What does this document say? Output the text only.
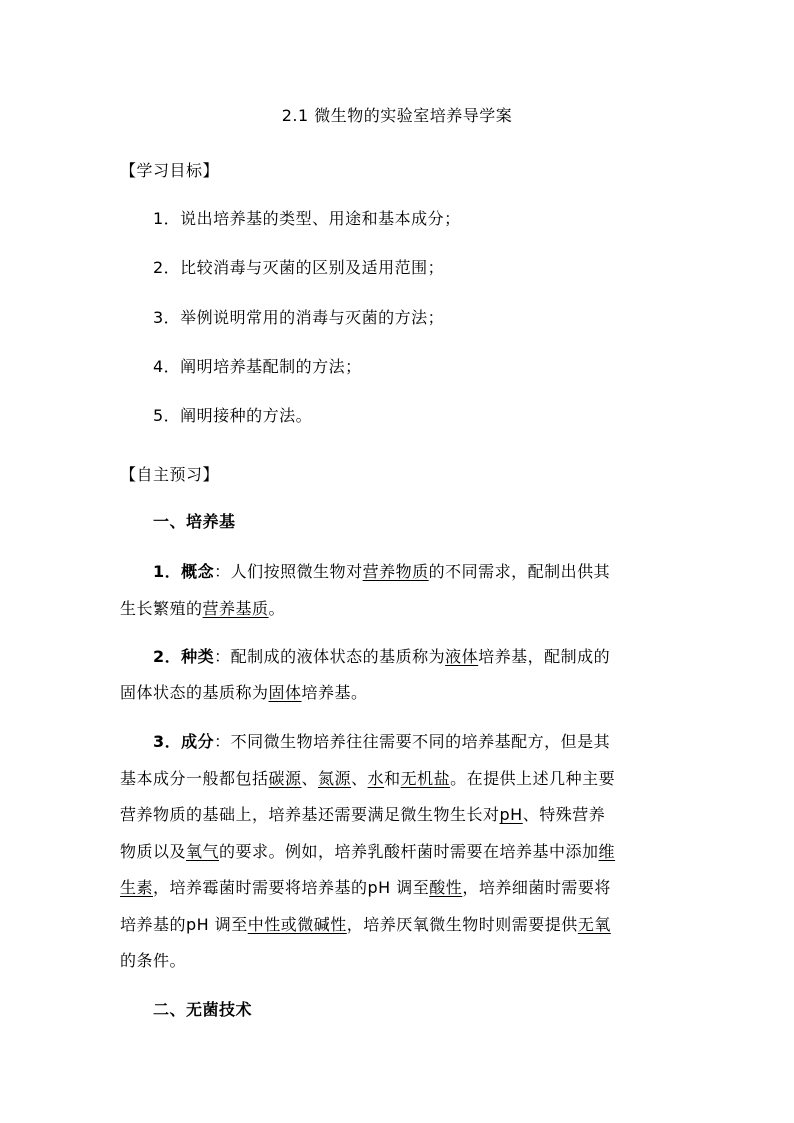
2.1 微生物的实验室培养导学案
【学习目标】
1．说出培养基的类型、用途和基本成分；
2．比较消毒与灭菌的区别及适用范围；
3．举例说明常用的消毒与灭菌的方法；
4．阐明培养基配制的方法；
5．阐明接种的方法。
【自主预习】
一、培养基
1．概念：人们按照微生物对营养物质的不同需求，配制出供其
生长繁殖的营养基质。
2．种类：配制成的液体状态的基质称为液体培养基，配制成的
固体状态的基质称为固体培养基。
3．成分：不同微生物培养往往需要不同的培养基配方，但是其
基本成分一般都包括碳源、氮源、水和无机盐。在提供上述几种主要
营养物质的基础上，培养基还需要满足微生物生长对pH、特殊营养
物质以及氧气的要求。例如，培养乳酸杆菌时需要在培养基中添加维
生素，培养霉菌时需要将培养基的pH 调至酸性，培养细菌时需要将
培养基的pH 调至中性或微碱性，培养厌氧微生物时则需要提供无氧
的条件。
二、无菌技术
